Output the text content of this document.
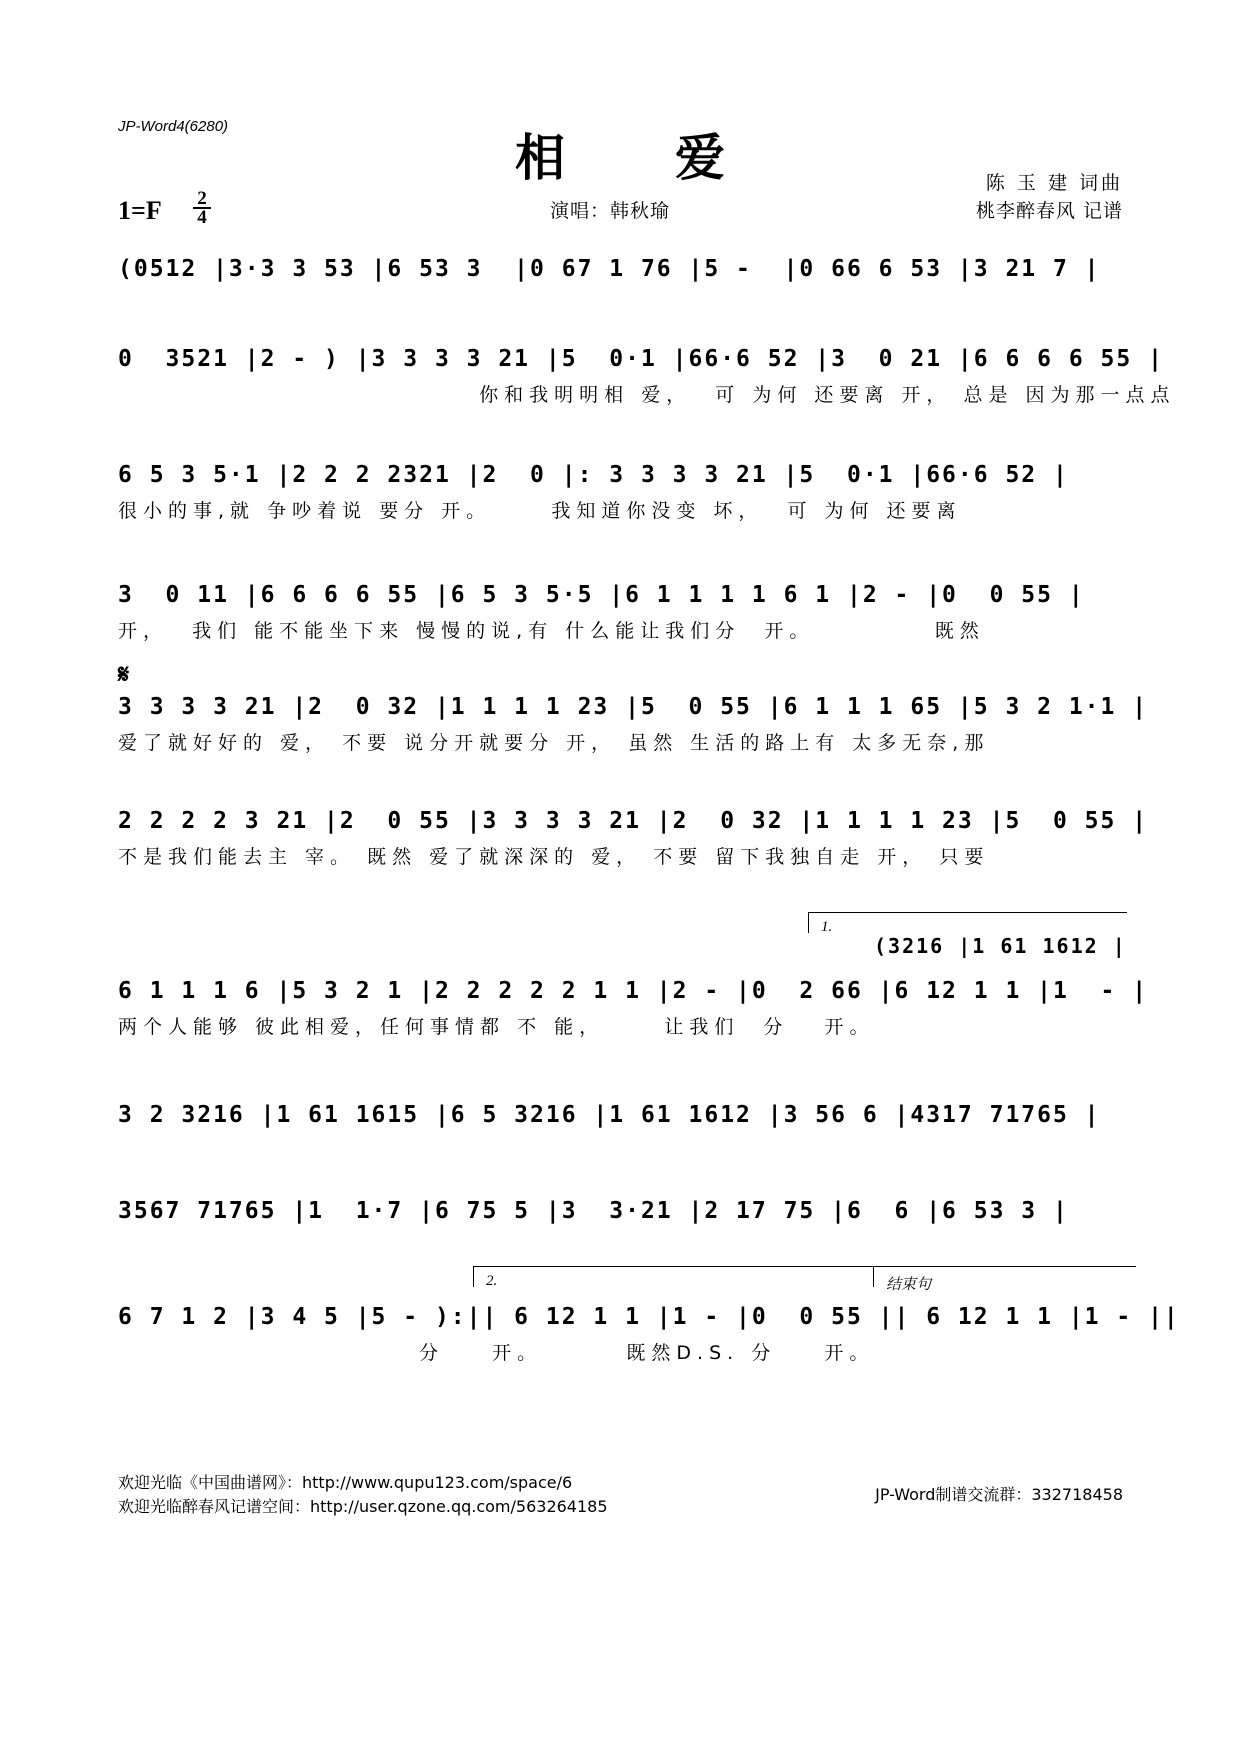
JP-Word4(6280)
相爱	陈 玉 建 词曲
桃李醉春风 记谱
1=F 2
4	演唱：韩秋瑜
(0512 |3·3 3 53 |6 53 3  |0 67 1 76 |5 -  |0 66 6 53 |3 21 7 |
0  3521 |2 - ) |3 3 3 3 21 |5  0·1 |66·6 52 |3  0 21 |6 6 6 6 55 |
你和我明明相 爱，  可 为何 还要离 开， 总是 因为那一点点
6 5 3 5·1 |2 2 2 2321 |2  0 |: 3 3 3 3 21 |5  0·1 |66·6 52 |
很小的事,就 争吵着说 要分 开。     我知道你没变 坏，  可 为何 还要离
3  0 11 |6 6 6 6 55 |6 5 3 5·5 |6 1 1 1 1 6 1 |2 - |0  0 55 |
开，  我们 能不能坐下来 慢慢的说,有 什么能让我们分  开。          既然
𝄋
3 3 3 3 21 |2  0 32 |1 1 1 1 23 |5  0 55 |6 1 1 1 65 |5 3 2 1·1 |
爱了就好好的 爱， 不要 说分开就要分 开， 虽然 生活的路上有 太多无奈,那
2 2 2 2 3 21 |2  0 55 |3 3 3 3 21 |2  0 32 |1 1 1 1 23 |5  0 55 |
不是我们能去主 宰。 既然 爱了就深深的 爱， 不要 留下我独自走 开， 只要
1.
(3216 |1 61 1612 |
6 1 1 1 6 |5 3 2 1 |2 2 2 2 2 1 1 |2 - |0  2 66 |6 12 1 1 |1  - |
两个人能够 彼此相爱，任何事情都 不 能，     让我们  分   开。
3 2 3216 |1 61 1615 |6 5 3216 |1 61 1612 |3 56 6 |4317 71765 |
3567 71765 |1  1·7 |6 75 5 |3  3·21 |2 17 75 |6  6 |6 53 3 |
2.	结束句
6 7 1 2 |3 4 5 |5 - ):|| 6 12 1 1 |1 - |0  0 55 || 6 12 1 1 |1 - ||
分    开。       既然D.S. 分    开。
欢迎光临《中国曲谱网》：http://www.qupu123.com/space/6
欢迎光临醉春风记谱空间：http://user.qzone.qq.com/563264185
JP-Word制谱交流群：332718458
